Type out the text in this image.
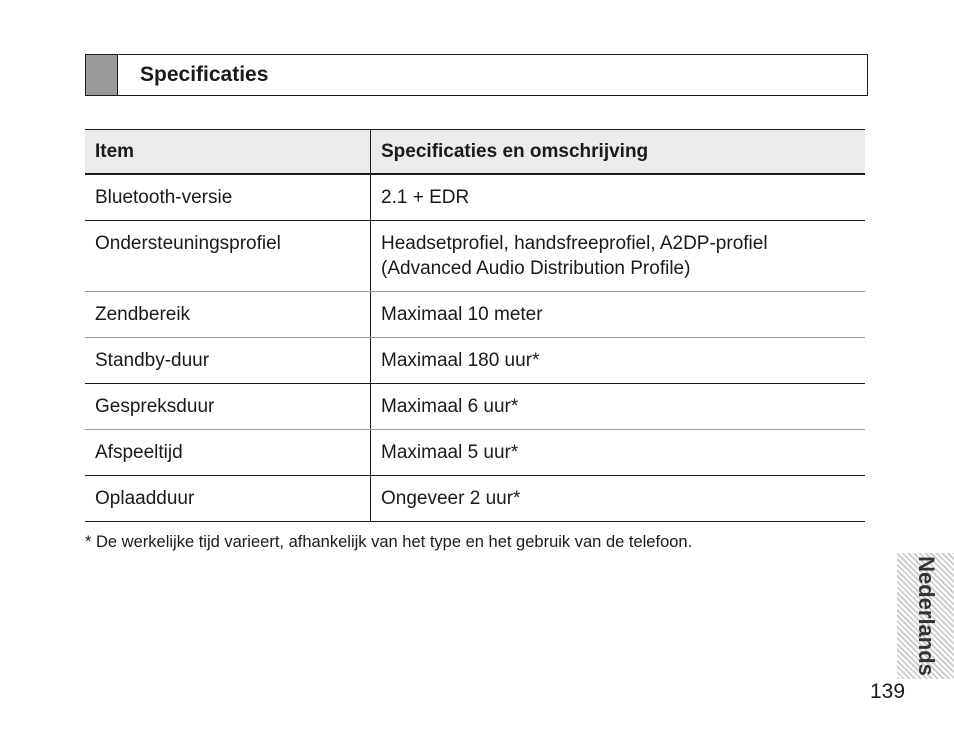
Specificaties
Item	Specificaties en omschrijving
Bluetooth-versie	2.1 + EDR
Ondersteuningsprofiel	Headsetprofiel, handsfreeprofiel, A2DP-profiel
(Advanced Audio Distribution Profile)
Zendbereik	Maximaal 10 meter
Standby-duur	Maximaal 180 uur*
Gespreksduur	Maximaal 6 uur*
Afspeeltijd	Maximaal 5 uur*
Oplaadduur	Ongeveer 2 uur*
* De werkelijke tijd varieert, afhankelijk van het type en het gebruik van de telefoon.
Nederlands
139
